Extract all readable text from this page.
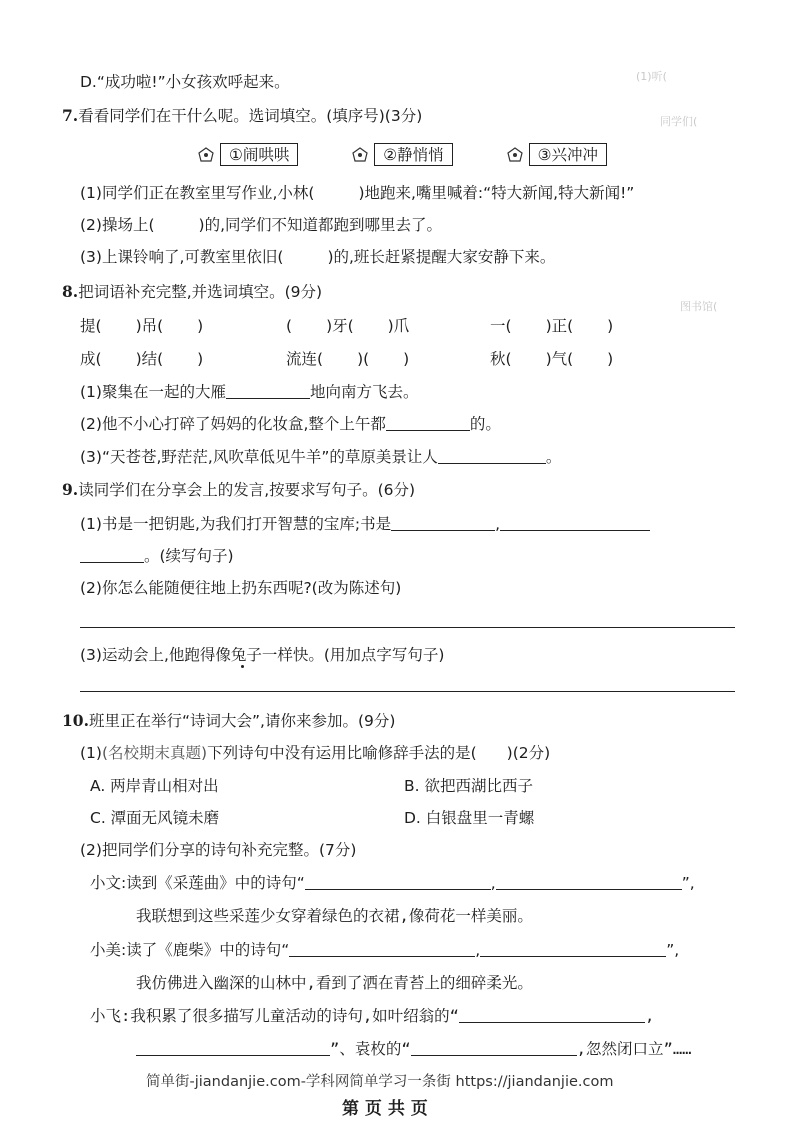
(1)听(
同学们(
图书馆(
D.“成功啦!”小女孩欢呼起来。
7.看看同学们在干什么呢。选词填空。(填序号)(3分)
①闹哄哄	②静悄悄	③兴冲冲
(1)同学们正在教室里写作业,小林(	)地跑来,嘴里喊着:“特大新闻,特大新闻!”
(2)操场上(	)的,同学们不知道都跑到哪里去了。
(3)上课铃响了,可教室里依旧(	)的,班长赶紧提醒大家安静下来。
8.把词语补充完整,并选词填空。(9分)
提( )吊( )	( )牙( )爪	一( )正( )
成( )结( )	流连( )( )	秋( )气( )
(1)聚集在一起的大雁	地向南方飞去。
(2)他不小心打碎了妈妈的化妆盒,整个上午都	的。
(3)“天苍苍,野茫茫,风吹草低见牛羊”的草原美景让人	。
9.读同学们在分享会上的发言,按要求写句子。(6分)
(1)书是一把钥匙,为我们打开智慧的宝库;书是	,
。(续写句子)
(2)你怎么能随便往地上扔东西呢?(改为陈述句)
(3)运动会上,他跑得像兔子一样快。(用加点字写句子)
10.班里正在举行“诗词大会”,请你来参加。(9分)
(1)(名校期末真题)下列诗句中没有运用比喻修辞手法的是( )(2分)
A. 两岸青山相对出	B. 欲把西湖比西子
C. 潭面无风镜未磨	D. 白银盘里一青螺
(2)把同学们分享的诗句补充完整。(7分)
小文:读到《采莲曲》中的诗句“	,	”,
我联想到这些采莲少女穿着绿色的衣裙,像荷花一样美丽。
小美:读了《鹿柴》中的诗句“	,	”,
我仿佛进入幽深的山林中,看到了洒在青苔上的细碎柔光。
小飞:我积累了很多描写儿童活动的诗句,如叶绍翁的“	,
”、袁枚的“	,忽然闭口立”……
简单街-jiandanjie.com-学科网简单学习一条街 https://jiandanjie.com
第 页 共 页
